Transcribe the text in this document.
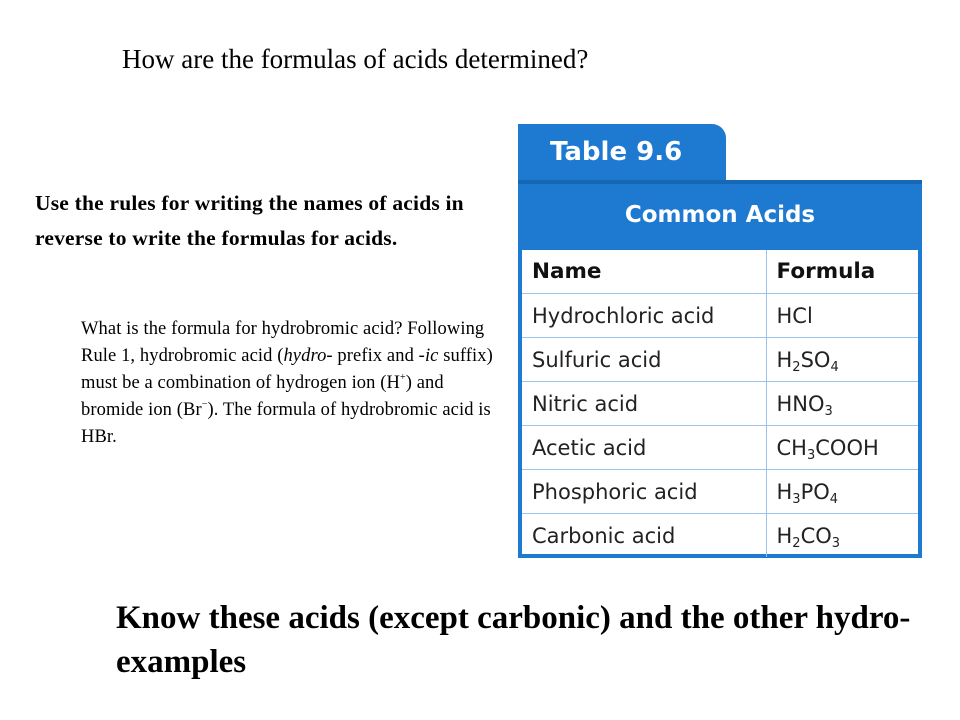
How are the formulas of acids determined?
Use the rules for writing the names of acids in reverse to write the formulas for acids.

What is the formula for hydrobromic acid? Following Rule 1, hydrobromic acid (hydro- prefix and -ic suffix) must be a combination of hydrogen ion (H+) and bromide ion (Br−). The formula of hydrobromic acid is HBr.

Table 9.6
Common Acids
Name	Formula
Hydrochloric acid	HCl
Sulfuric acid	$H_2SO_4$
Nitric acid	$HNO_3$
Acetic acid	$CH_3COOH$
Phosphoric acid	$H_3PO_4$
Carbonic acid	$H_2CO_3$
Know these acids (except carbonic) and the other hydro- examples
